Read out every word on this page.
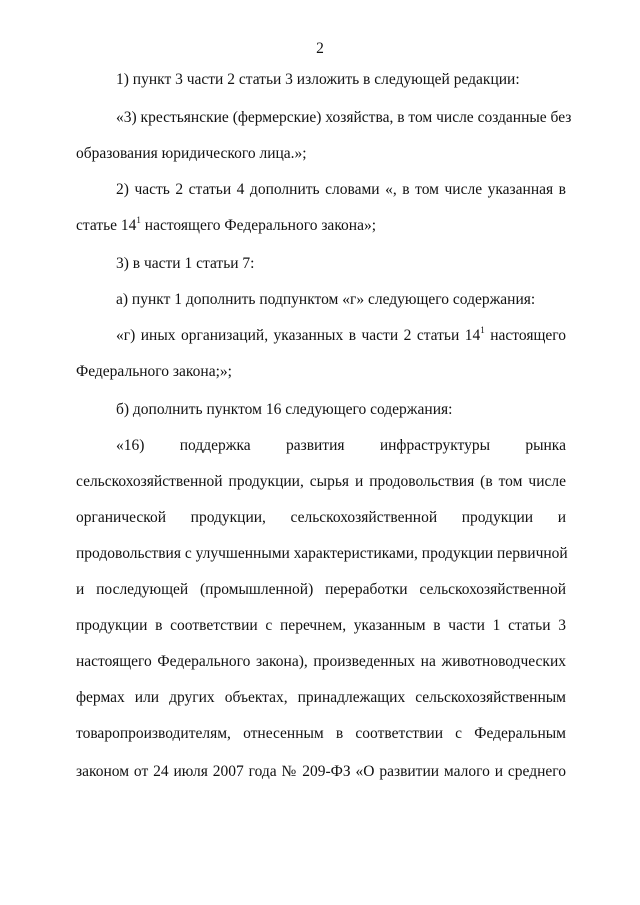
2
1) пункт 3 части 2 статьи 3 изложить в следующей редакции:
«3) крестьянские (фермерские) хозяйства, в том числе созданные без
образования юридического лица.»;
2) часть 2 статьи 4 дополнить словами «, в том числе указанная в
статье $14^1$ настоящего Федерального закона»;
3) в части 1 статьи 7:
а) пункт 1 дополнить подпунктом «г» следующего содержания:
«г) иных организаций, указанных в части 2 статьи $14^1$ настоящего
Федерального закона;»;
б) дополнить пунктом 16 следующего содержания:
«16) поддержка развития инфраструктуры рынка
сельскохозяйственной продукции, сырья и продовольствия (в том числе
органической продукции, сельскохозяйственной продукции и
продовольствия с улучшенными характеристиками, продукции первичной
и последующей (промышленной) переработки сельскохозяйственной
продукции в соответствии с перечнем, указанным в части 1 статьи 3
настоящего Федерального закона), произведенных на животноводческих
фермах или других объектах, принадлежащих сельскохозяйственным
товаропроизводителям, отнесенным в соответствии с Федеральным
законом от 24 июля 2007 года № 209-ФЗ «О развитии малого и среднего
